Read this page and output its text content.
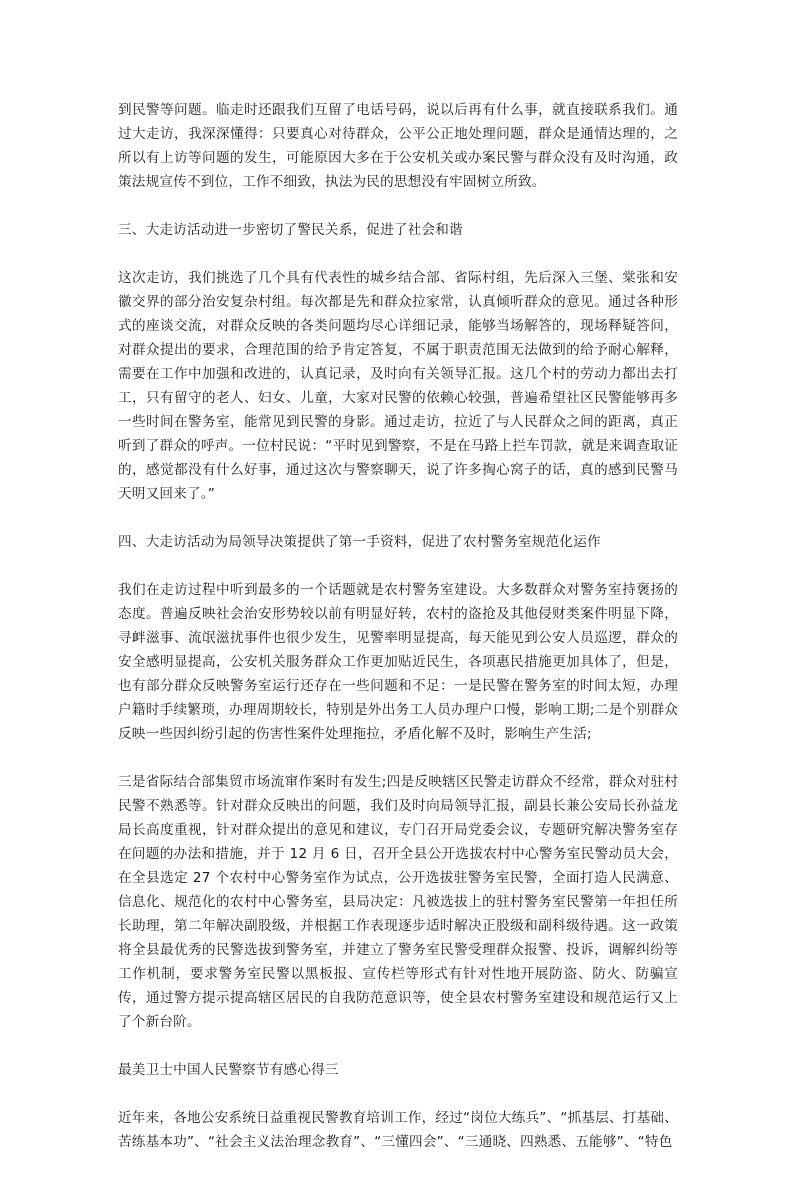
到民警等问题。临走时还跟我们互留了电话号码，说以后再有什么事，就直接联系我们。通过大走访，我深深懂得：只要真心对待群众，公平公正地处理问题，群众是通情达理的，之所以有上访等问题的发生，可能原因大多在于公安机关或办案民警与群众没有及时沟通，政策法规宣传不到位，工作不细致，执法为民的思想没有牢固树立所致。

三、大走访活动进一步密切了警民关系，促进了社会和谐

这次走访，我们挑选了几个具有代表性的城乡结合部、省际村组，先后深入三堡、棠张和安徽交界的部分治安复杂村组。每次都是先和群众拉家常，认真倾听群众的意见。通过各种形式的座谈交流，对群众反映的各类问题均尽心详细记录，能够当场解答的，现场释疑答问，对群众提出的要求，合理范围的给予肯定答复，不属于职责范围无法做到的给予耐心解释，需要在工作中加强和改进的，认真记录，及时向有关领导汇报。这几个村的劳动力都出去打工，只有留守的老人、妇女、儿童，大家对民警的依赖心较强，普遍希望社区民警能够再多一些时间在警务室，能常见到民警的身影。通过走访，拉近了与人民群众之间的距离，真正听到了群众的呼声。一位村民说：“平时见到警察，不是在马路上拦车罚款，就是来调查取证的，感觉都没有什么好事，通过这次与警察聊天，说了许多掏心窝子的话，真的感到民警马天明又回来了。”

四、大走访活动为局领导决策提供了第一手资料，促进了农村警务室规范化运作

我们在走访过程中听到最多的一个话题就是农村警务室建设。大多数群众对警务室持褒扬的态度。普遍反映社会治安形势较以前有明显好转，农村的盗抢及其他侵财类案件明显下降，寻衅滋事、流氓滋扰事件也很少发生，见警率明显提高，每天能见到公安人员巡逻，群众的安全感明显提高，公安机关服务群众工作更加贴近民生，各项惠民措施更加具体了，但是，也有部分群众反映警务室运行还存在一些问题和不足：一是民警在警务室的时间太短，办理户籍时手续繁琐，办理周期较长，特别是外出务工人员办理户口慢，影响工期;二是个别群众反映一些因纠纷引起的伤害性案件处理拖拉，矛盾化解不及时，影响生产生活;

三是省际结合部集贸市场流窜作案时有发生;四是反映辖区民警走访群众不经常，群众对驻村民警不熟悉等。针对群众反映出的问题，我们及时向局领导汇报，副县长兼公安局长孙益龙局长高度重视，针对群众提出的意见和建议，专门召开局党委会议，专题研究解决警务室存在问题的办法和措施，并于 12 月 6 日，召开全县公开选拔农村中心警务室民警动员大会，在全县选定 27 个农村中心警务室作为试点，公开选拔驻警务室民警，全面打造人民满意、信息化、规范化的农村中心警务室，县局决定：凡被选拔上的驻村警务室民警第一年担任所长助理，第二年解决副股级，并根据工作表现逐步适时解决正股级和副科级待遇。这一政策将全县最优秀的民警选拔到警务室，并建立了警务室民警受理群众报警、投诉，调解纠纷等工作机制，要求警务室民警以黑板报、宣传栏等形式有针对性地开展防盗、防火、防骗宣传，通过警方提示提高辖区居民的自我防范意识等，使全县农村警务室建设和规范运行又上了个新台阶。

最美卫士中国人民警察节有感心得三

近年来，各地公安系统日益重视民警教育培训工作，经过“岗位大练兵”、“抓基层、打基础、苦练基本功”、“社会主义法治理念教育”、“三懂四会”、“三通晓、四熟悉、五能够”、“特色
